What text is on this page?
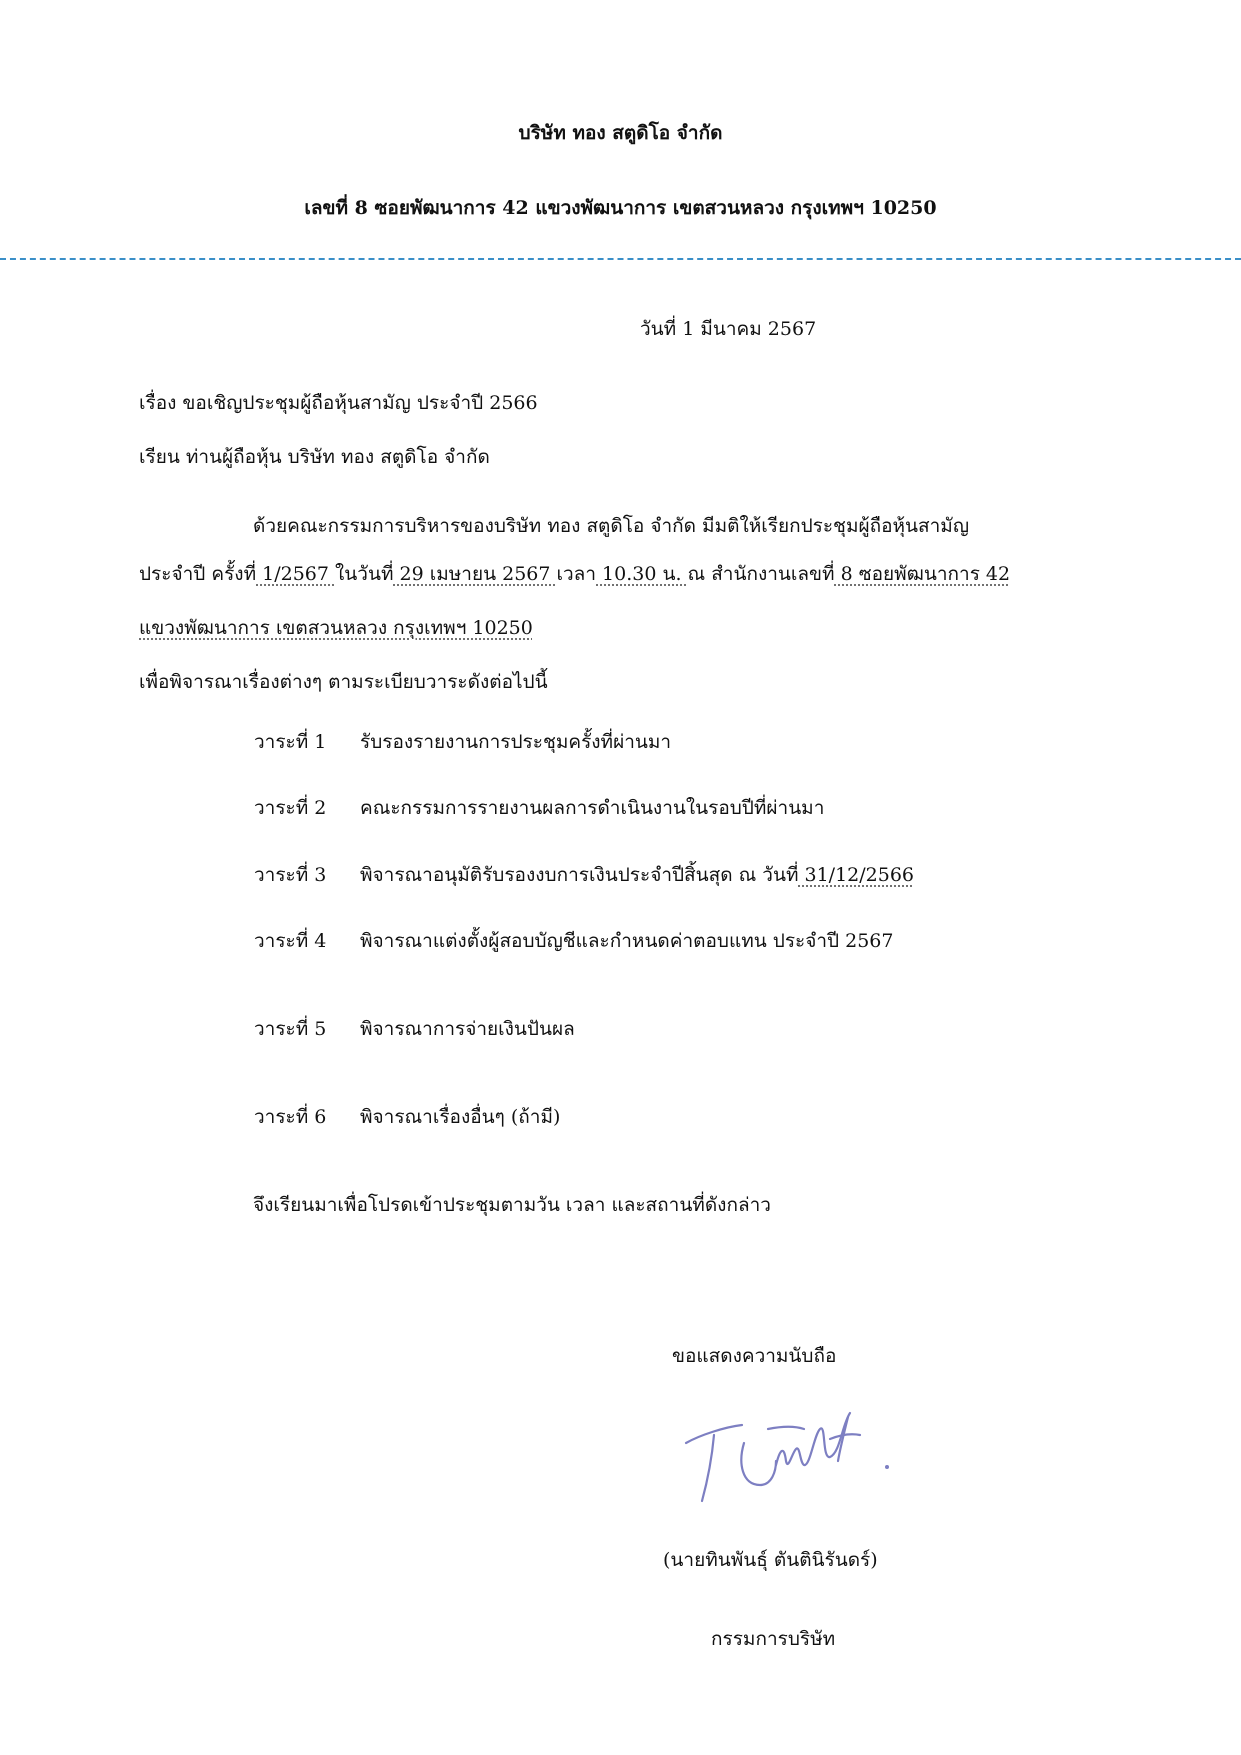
บริษัท ทอง สตูดิโอ จำกัด
เลขที่ 8 ซอยพัฒนาการ 42 แขวงพัฒนาการ เขตสวนหลวง กรุงเทพฯ 10250
วันที่ 1 มีนาคม 2567
เรื่อง ขอเชิญประชุมผู้ถือหุ้นสามัญ ประจำปี 2566
เรียน ท่านผู้ถือหุ้น บริษัท ทอง สตูดิโอ จำกัด
ด้วยคณะกรรมการบริหารของบริษัท ทอง สตูดิโอ จำกัด มีมติให้เรียกประชุมผู้ถือหุ้นสามัญ
ประจำปี ครั้งที่ 1/2567 ในวันที่ 29 เมษายน 2567 เวลา 10.30 น. ณ สำนักงานเลขที่ 8 ซอยพัฒนาการ 42
แขวงพัฒนาการ เขตสวนหลวง กรุงเทพฯ 10250
เพื่อพิจารณาเรื่องต่างๆ ตามระเบียบวาระดังต่อไปนี้
วาระที่ 1 รับรองรายงานการประชุมครั้งที่ผ่านมา
วาระที่ 2 คณะกรรมการรายงานผลการดำเนินงานในรอบปีที่ผ่านมา
วาระที่ 3 พิจารณาอนุมัติรับรองงบการเงินประจำปีสิ้นสุด ณ วันที่ 31/12/2566
วาระที่ 4 พิจารณาแต่งตั้งผู้สอบบัญชีและกำหนดค่าตอบแทน ประจำปี 2567
วาระที่ 5 พิจารณาการจ่ายเงินปันผล
วาระที่ 6 พิจารณาเรื่องอื่นๆ (ถ้ามี)
จึงเรียนมาเพื่อโปรดเข้าประชุมตามวัน เวลา และสถานที่ดังกล่าว
ขอแสดงความนับถือ
(นายทินพันธุ์ ตันตินิรันดร์)
กรรมการบริษัท
